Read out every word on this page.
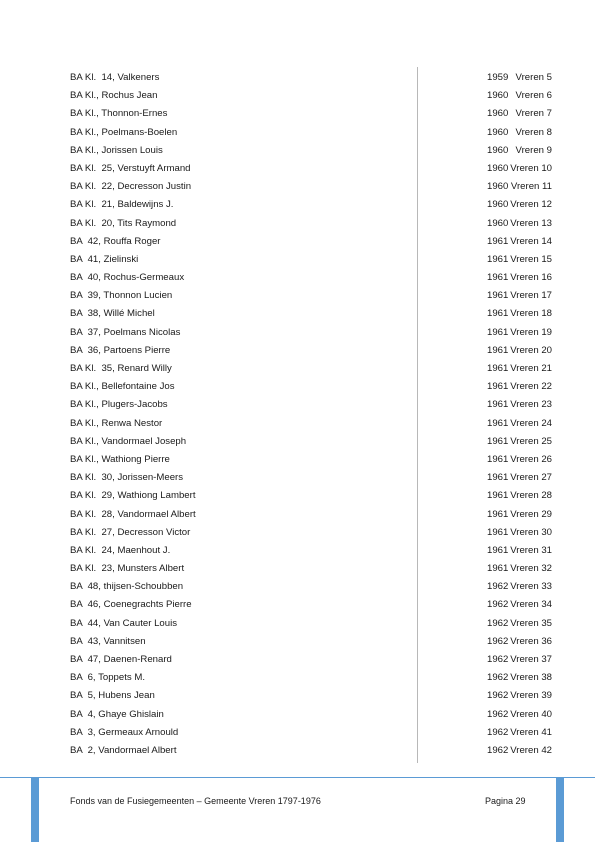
BA Kl.  14, Valkeners	1959 Vreren 5
BA Kl., Rochus Jean	1960 Vreren 6
BA Kl., Thonnon-Ernes	1960 Vreren 7
BA Kl., Poelmans-Boelen	1960 Vreren 8
BA Kl., Jorissen Louis	1960 Vreren 9
BA Kl.  25, Verstuyft Armand	1960 Vreren 10
BA Kl.  22, Decresson Justin	1960 Vreren 11
BA Kl.  21, Baldewijns J.	1960 Vreren 12
BA Kl.  20, Tits Raymond	1960 Vreren 13
BA  42, Rouffa Roger	1961 Vreren 14
BA  41, Zielinski	1961 Vreren 15
BA  40, Rochus-Germeaux	1961 Vreren 16
BA  39, Thonnon Lucien	1961 Vreren 17
BA  38, Willé Michel	1961 Vreren 18
BA  37, Poelmans Nicolas	1961 Vreren 19
BA  36, Partoens Pierre	1961 Vreren 20
BA Kl.  35, Renard Willy	1961 Vreren 21
BA Kl., Bellefontaine Jos	1961 Vreren 22
BA Kl., Plugers-Jacobs	1961 Vreren 23
BA Kl., Renwa Nestor	1961 Vreren 24
BA Kl., Vandormael Joseph	1961 Vreren 25
BA Kl., Wathiong Pierre	1961 Vreren 26
BA Kl.  30, Jorissen-Meers	1961 Vreren 27
BA Kl.  29, Wathiong Lambert	1961 Vreren 28
BA Kl.  28, Vandormael Albert	1961 Vreren 29
BA Kl.  27, Decresson Victor	1961 Vreren 30
BA Kl.  24, Maenhout J.	1961 Vreren 31
BA Kl.  23, Munsters Albert	1961 Vreren 32
BA  48, thijsen-Schoubben	1962 Vreren 33
BA  46, Coenegrachts Pierre	1962 Vreren 34
BA  44, Van Cauter Louis	1962 Vreren 35
BA  43, Vannitsen	1962 Vreren 36
BA  47, Daenen-Renard	1962 Vreren 37
BA  6, Toppets M.	1962 Vreren 38
BA  5, Hubens Jean	1962 Vreren 39
BA  4, Ghaye Ghislain	1962 Vreren 40
BA  3, Germeaux Arnould	1962 Vreren 41
BA  2, Vandormael Albert	1962 Vreren 42
Fonds van de Fusiegemeenten – Gemeente Vreren 1797-1976	Pagina 29
